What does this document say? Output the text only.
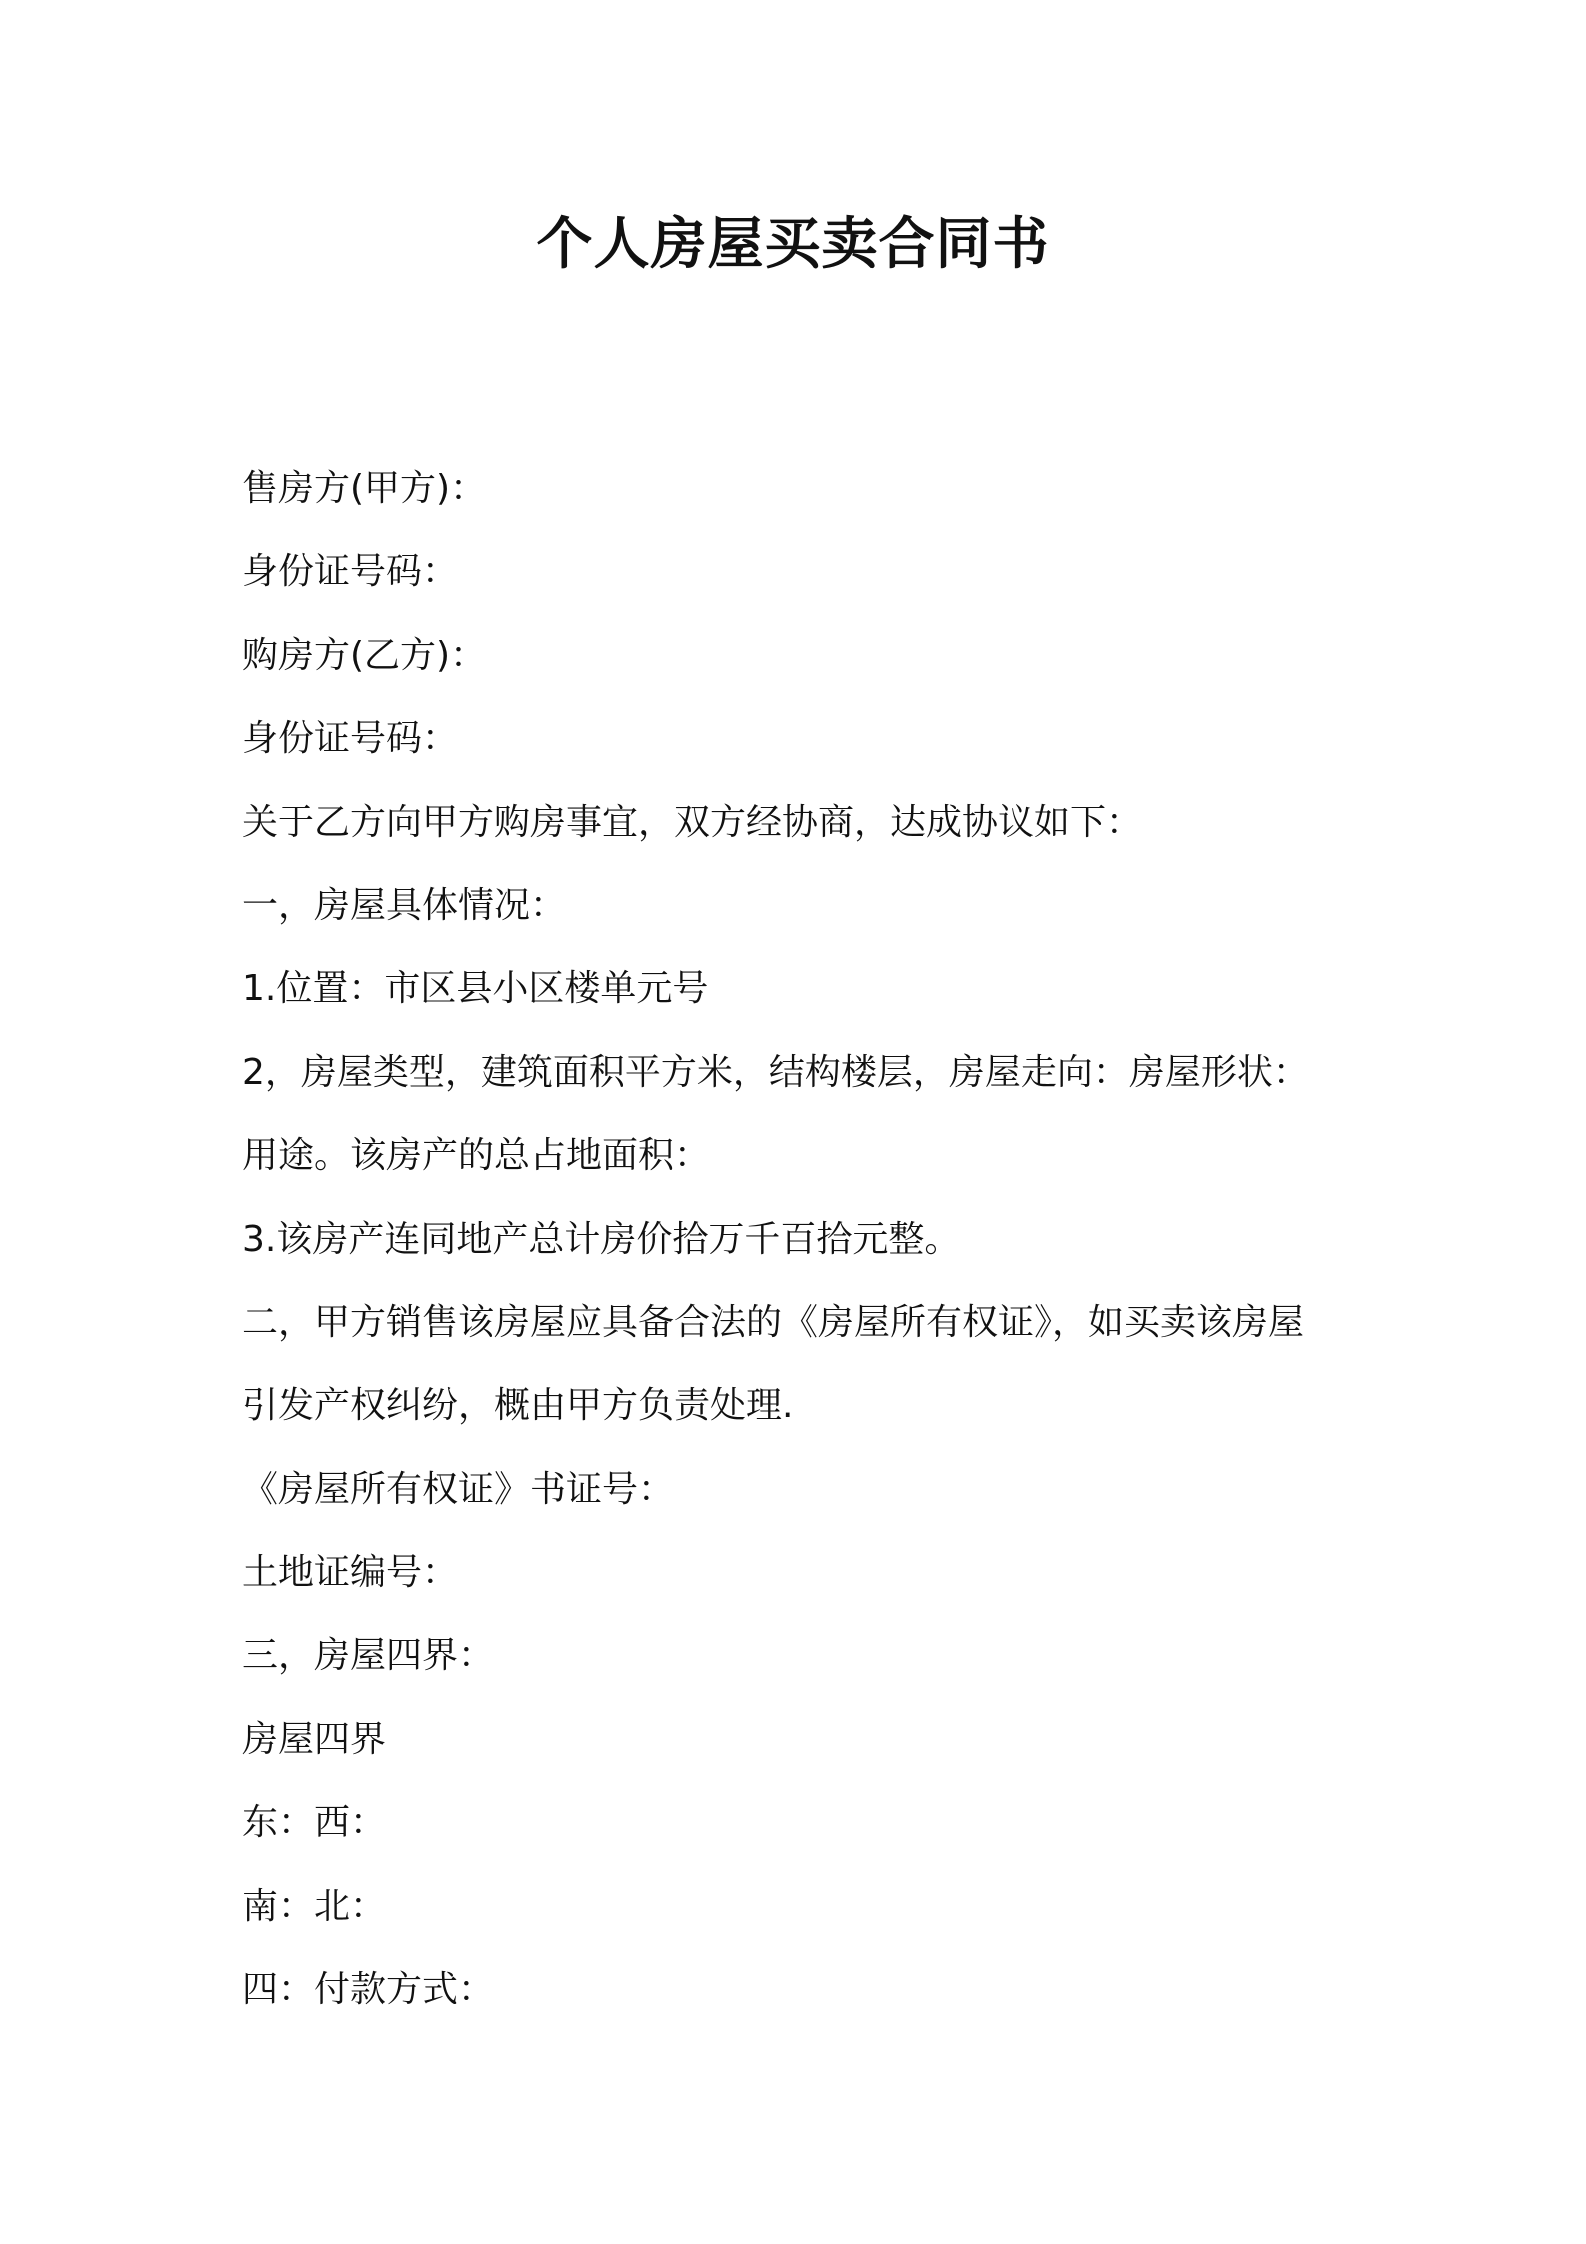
个人房屋买卖合同书
售房方(甲方)：
身份证号码：
购房方(乙方)：
身份证号码：
关于乙方向甲方购房事宜，双方经协商，达成协议如下：
一，房屋具体情况：
1.位置：市区县小区楼单元号
2，房屋类型，建筑面积平方米，结构楼层，房屋走向：房屋形状：
用途。该房产的总占地面积：
3.该房产连同地产总计房价拾万千百拾元整。
二，甲方销售该房屋应具备合法的《房屋所有权证》，如买卖该房屋
引发产权纠纷，概由甲方负责处理.
《房屋所有权证》书证号：
土地证编号：
三，房屋四界：
房屋四界
东：西：
南：北：
四：付款方式：
